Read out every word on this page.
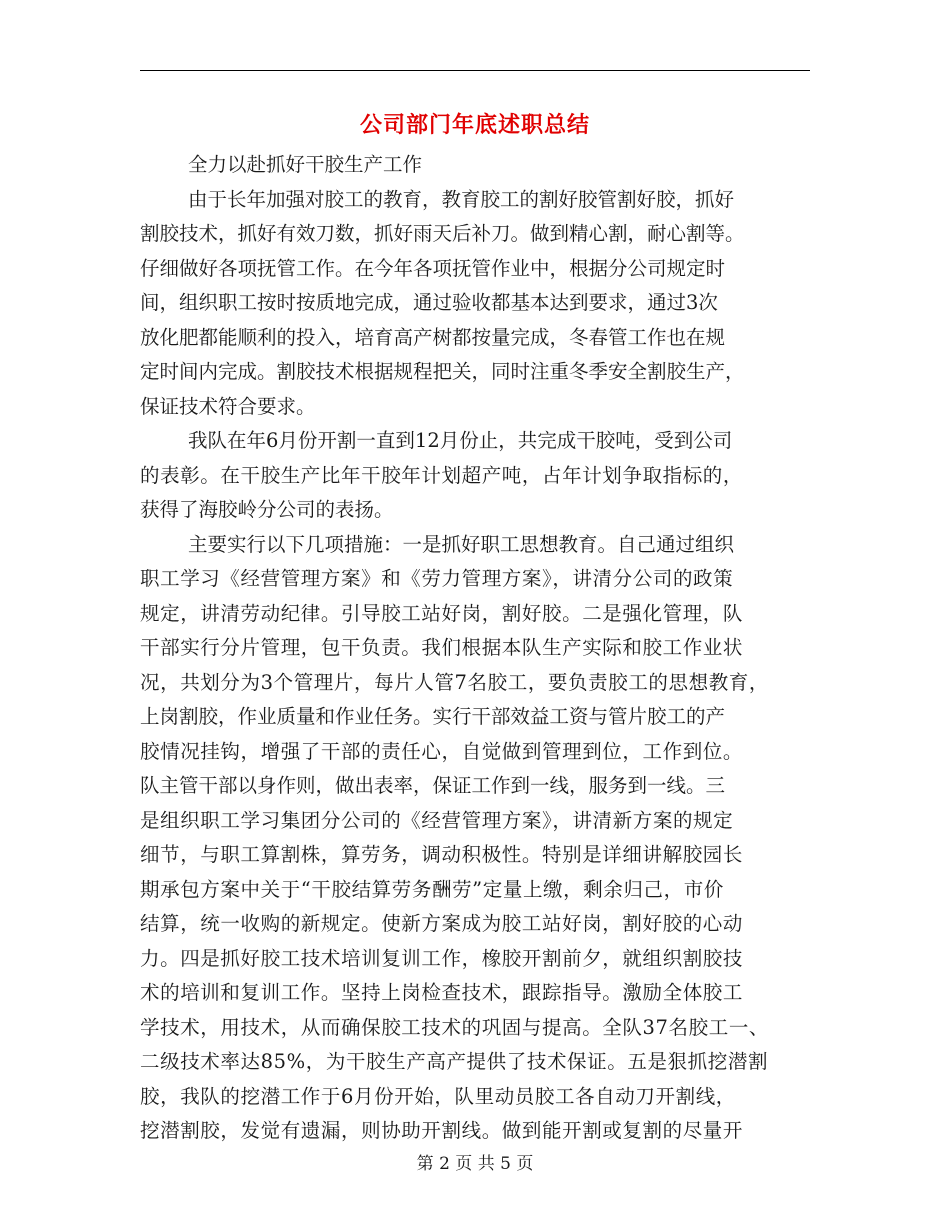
公司部门年底述职总结

全力以赴抓好干胶生产工作

由于长年加强对胶工的教育，教育胶工的割好胶管割好胶，抓好
割胶技术，抓好有效刀数，抓好雨天后补刀。做到精心割，耐心割等。
仔细做好各项抚管工作。在今年各项抚管作业中，根据分公司规定时
间，组织职工按时按质地完成，通过验收都基本达到要求，通过3次
放化肥都能顺利的投入，培育高产树都按量完成，冬春管工作也在规
定时间内完成。割胶技术根据规程把关，同时注重冬季安全割胶生产，
保证技术符合要求。

我队在年6月份开割一直到12月份止，共完成干胶吨，受到公司
的表彰。在干胶生产比年干胶年计划超产吨，占年计划争取指标的，
获得了海胶岭分公司的表扬。

主要实行以下几项措施：一是抓好职工思想教育。自己通过组织
职工学习《经营管理方案》和《劳力管理方案》，讲清分公司的政策
规定，讲清劳动纪律。引导胶工站好岗，割好胶。二是强化管理，队
干部实行分片管理，包干负责。我们根据本队生产实际和胶工作业状
况，共划分为3个管理片，每片人管7名胶工，要负责胶工的思想教育，
上岗割胶，作业质量和作业任务。实行干部效益工资与管片胶工的产
胶情况挂钩，增强了干部的责任心，自觉做到管理到位，工作到位。
队主管干部以身作则，做出表率，保证工作到一线，服务到一线。三
是组织职工学习集团分公司的《经营管理方案》，讲清新方案的规定
细节，与职工算割株，算劳务，调动积极性。特别是详细讲解胶园长
期承包方案中关于“干胶结算劳务酬劳”定量上缴，剩余归己，市价
结算，统一收购的新规定。使新方案成为胶工站好岗，割好胶的心动
力。四是抓好胶工技术培训复训工作，橡胶开割前夕，就组织割胶技
术的培训和复训工作。坚持上岗检查技术，跟踪指导。激励全体胶工
学技术，用技术，从而确保胶工技术的巩固与提高。全队37名胶工一、
二级技术率达85%，为干胶生产高产提供了技术保证。五是狠抓挖潜割
胶，我队的挖潜工作于6月份开始，队里动员胶工各自动刀开割线，
挖潜割胶，发觉有遗漏，则协助开割线。做到能开割或复割的尽量开

第 2 页 共 5 页
